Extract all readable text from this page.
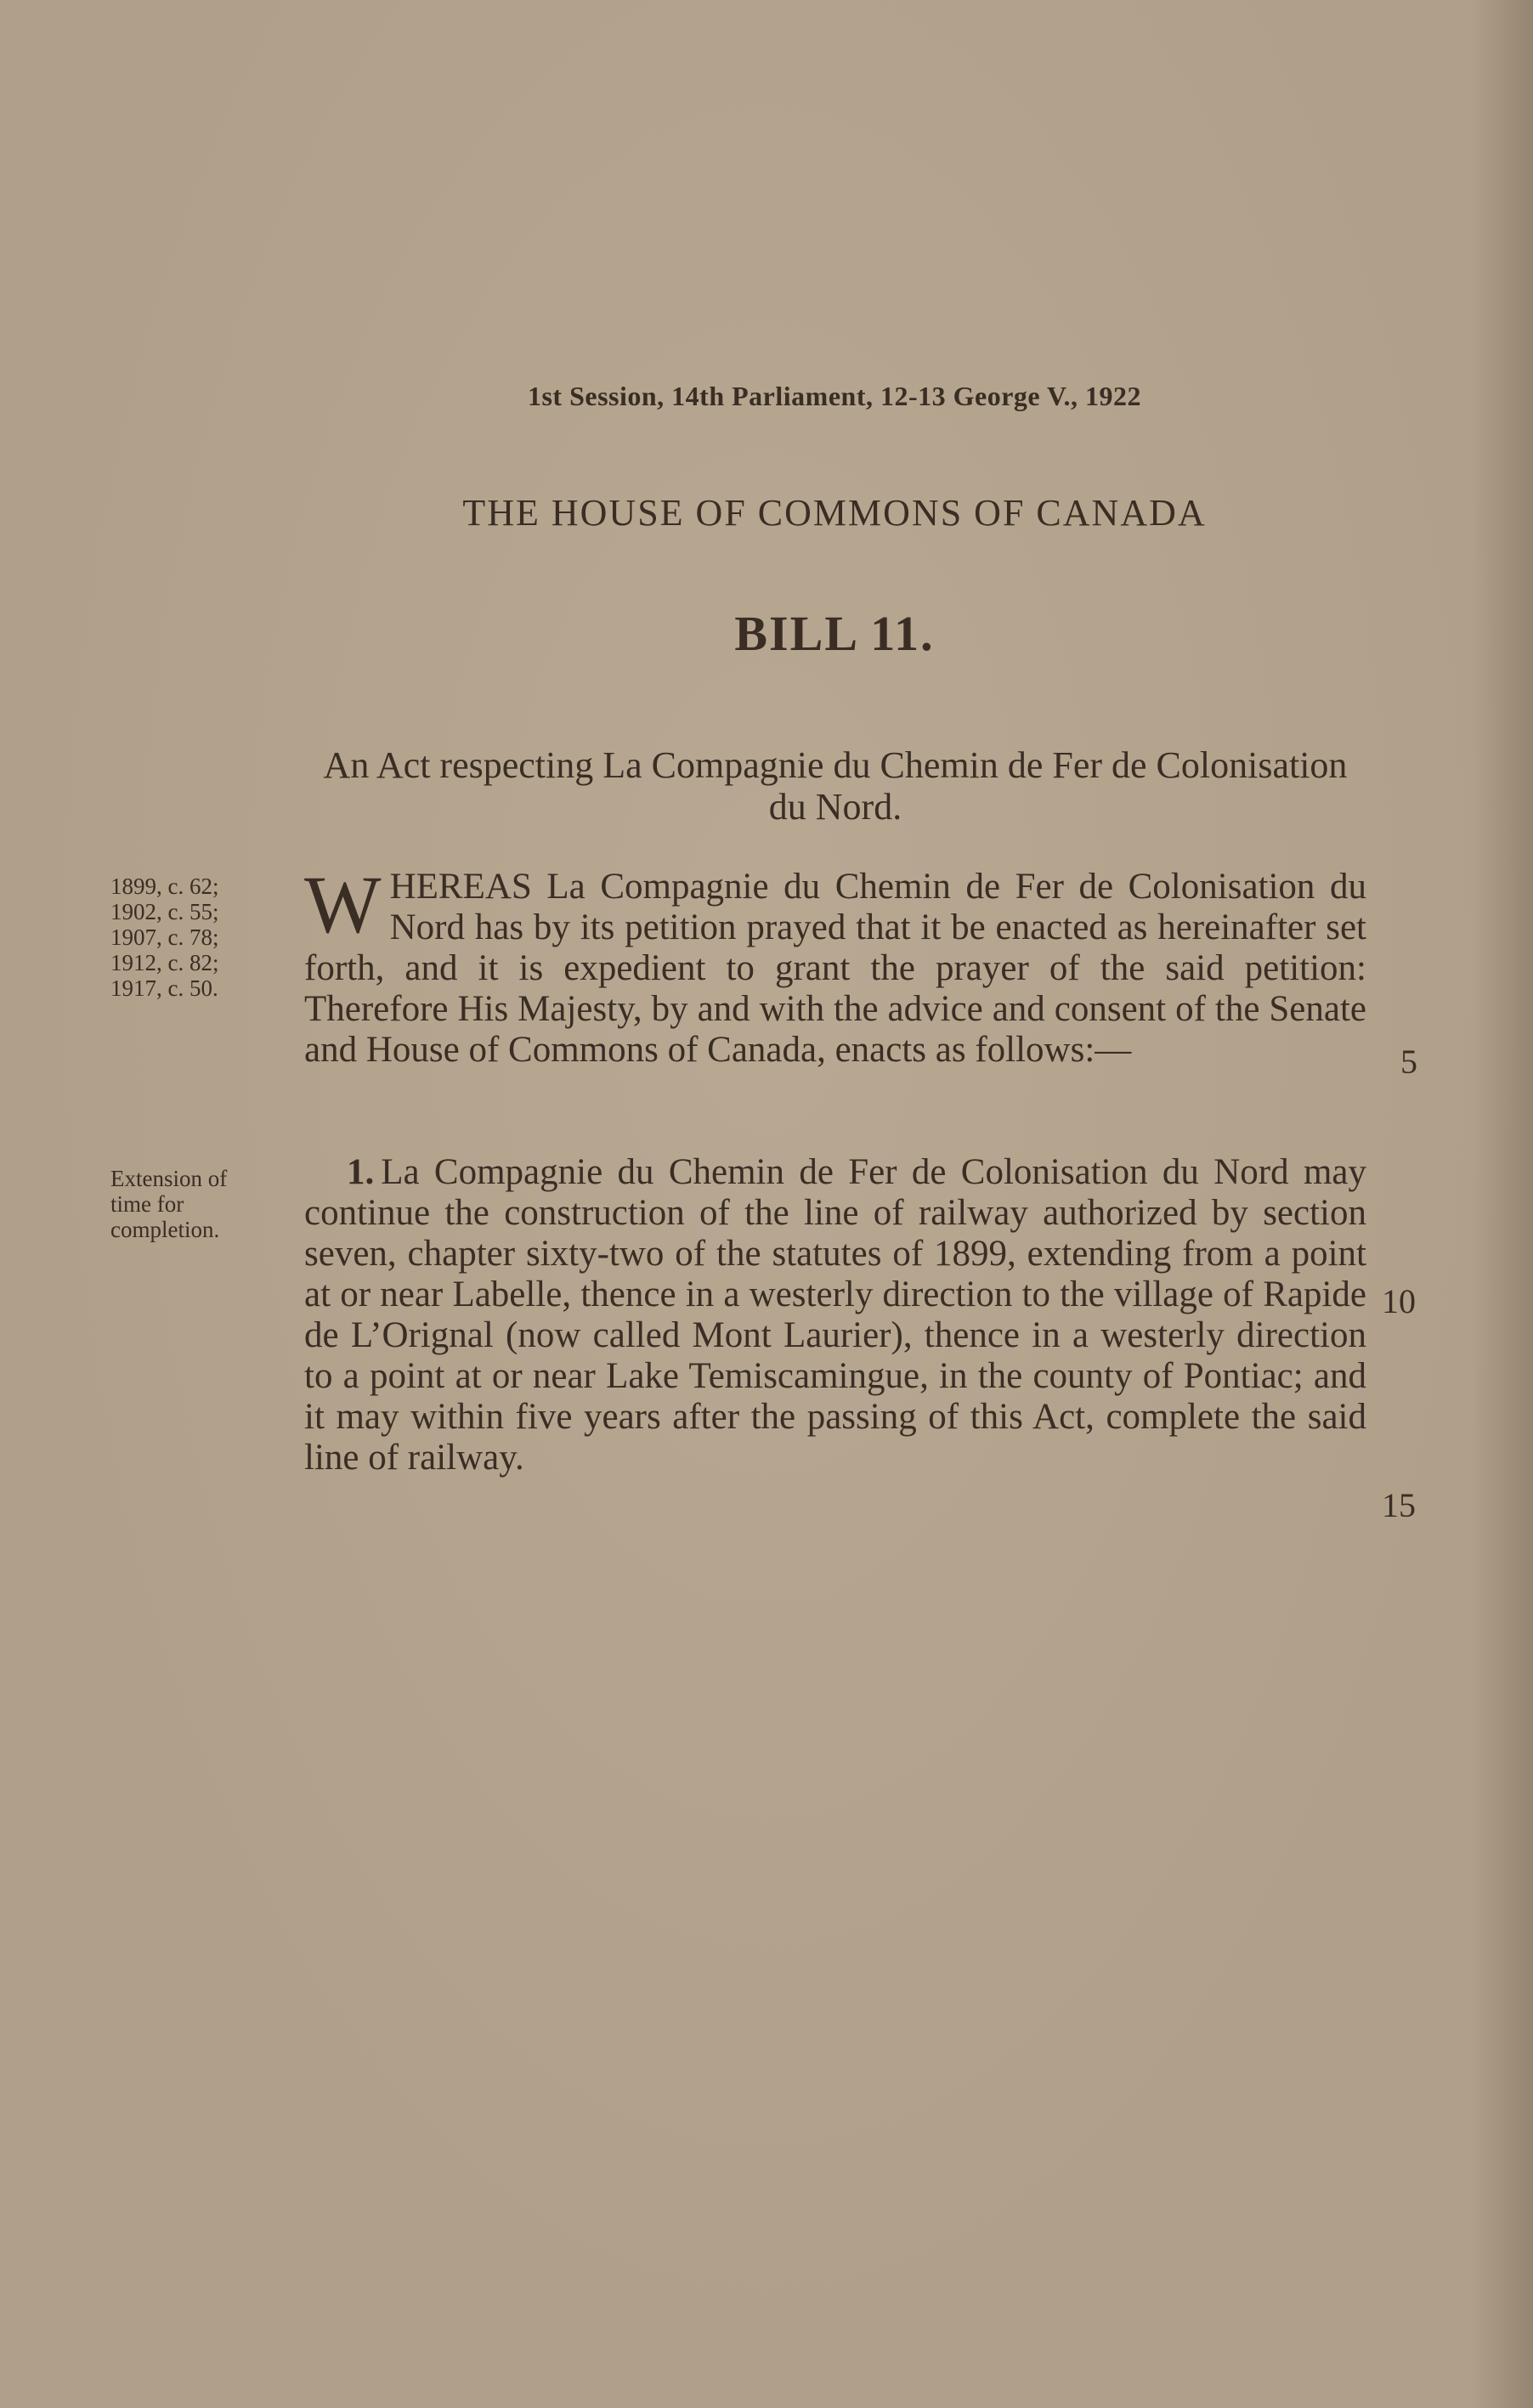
1st Session, 14th Parliament, 12-13 George V., 1922
THE HOUSE OF COMMONS OF CANADA
BILL 11.
An Act respecting La Compagnie du Chemin de Fer de Colonisation du Nord.
1899, c. 62;
1902, c. 55;
1907, c. 78;
1912, c. 82;
1917, c. 50.

WHEREAS La Compagnie du Chemin de Fer de Colonisation du Nord has by its petition prayed that it be enacted as hereinafter set forth, and it is expedient to grant the prayer of the said petition: Therefore His Majesty, by and with the advice and consent of the Senate and House of Commons of Canada, enacts as follows:—

Extension of
time for
completion.

1. La Compagnie du Chemin de Fer de Colonisation du Nord may continue the construction of the line of railway authorized by section seven, chapter sixty-two of the statutes of 1899, extending from a point at or near Labelle, thence in a westerly direction to the village of Rapide de L’Orignal (now called Mont Laurier), thence in a westerly direction to a point at or near Lake Temiscamingue, in the county of Pontiac; and it may within five years after the passing of this Act, complete the said line of railway.

5
10
15
